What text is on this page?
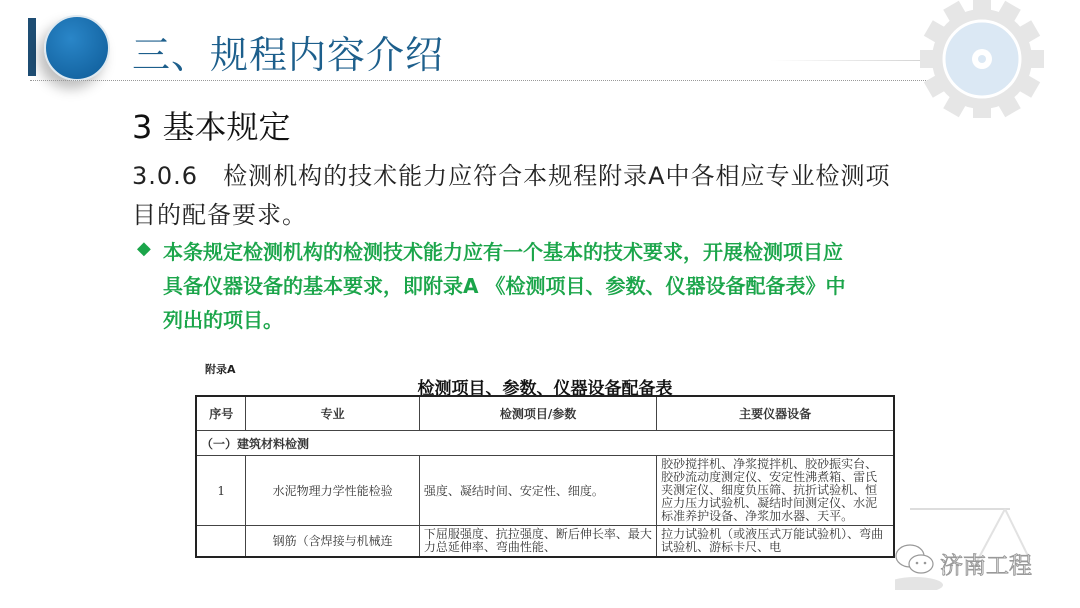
三、规程内容介绍
3 基本规定
3.0.6　检测机构的技术能力应符合本规程附录A中各相应专业检测项
目的配备要求。
◆ 本条规定检测机构的检测技术能力应有一个基本的技术要求，开展检测项目应
具备仪器设备的基本要求，即附录A 《检测项目、参数、仪器设备配备表》中
列出的项目。
附录A
检测项目、参数、仪器设备配备表
序号	专业	检测项目/参数	主要仪器设备
（一）建筑材料检测			
1	水泥物理力学性能检验	强度、凝结时间、安定性、细度。	胶砂搅拌机、净浆搅拌机、胶砂振实台、胶砂流动度测定仪、安定性沸煮箱、雷氏夹测定仪、细度负压筛、抗折试验机、恒应力压力试验机、凝结时间测定仪、水泥标准养护设备、净浆加水器、天平。
	钢筋（含焊接与机械连	下屈服强度、抗拉强度、断后伸长率、最大力总延伸率、弯曲性能、	拉力试验机（或液压式万能试验机）、弯曲试验机、游标卡尺、电
济南工程
